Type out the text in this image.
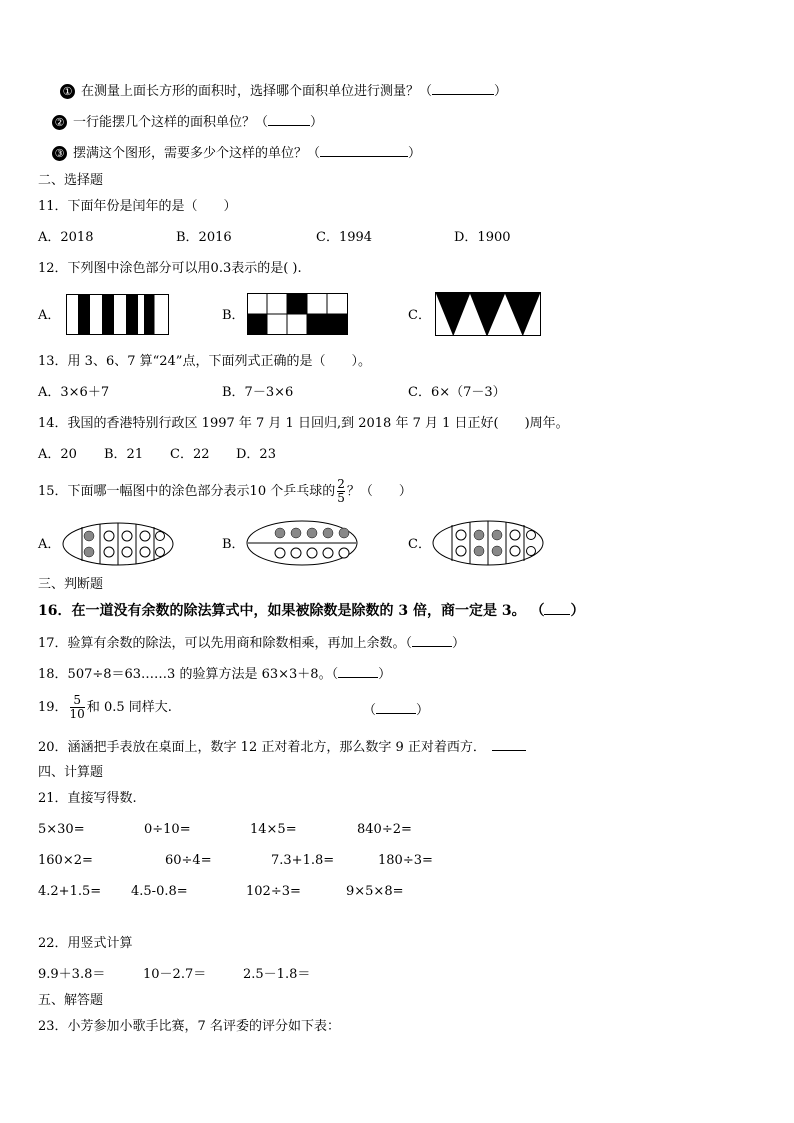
① 在测量上面长方形的面积时，选择哪个面积单位进行测量？（	）
② 一行能摆几个这样的面积单位？（	）
③ 摆满这个图形，需要多少个这样的单位？（	）
二、选择题
11．下面年份是闰年的是（　　）
A．2018	B．2016	C．1994	D．1900
12．下列图中涂色部分可以用0.3表示的是( ).
A．	B．	C．
13．用 3、6、7 算“24”点，下面列式正确的是（　　）。
A．3×6＋7	B．7－3×6	C．6×（7－3）
14．我国的香港特别行政区 1997 年 7 月 1 日回归,到 2018 年 7 月 1 日正好(　　)周年。
A．20 B．21 C．22 D．23
15．下面哪一幅图中的涂色部分表示10 个乒乓球的 $\frac{2}{5}$ ？（　　）
A．	B．	C．
三、判断题
16．在一道没有余数的除法算式中，如果被除数是除数的 3 倍，商一定是 3。 （ ）
17．验算有余数的除法，可以先用商和除数相乘，再加上余数。（	）
18．507÷8＝63……3 的验算方法是 63×3＋8。（	）
19． $\frac{5}{10}$ 和 0.5 同样大.	（	）
20．涵涵把手表放在桌面上，数字 12 正对着北方，那么数字 9 正对着西方．
四、计算题
21．直接写得数.
5×30=	0÷10=	14×5=	840÷2=
160×2=	60÷4=	7.3+1.8=	180÷3=
4.2+1.5= 4.5-0.8=	102÷3=	9×5×8=
22．用竖式计算
9.9＋3.8＝	10－2.7＝	2.5－1.8＝
五、解答题
23．小芳参加小歌手比赛，7 名评委的评分如下表：
